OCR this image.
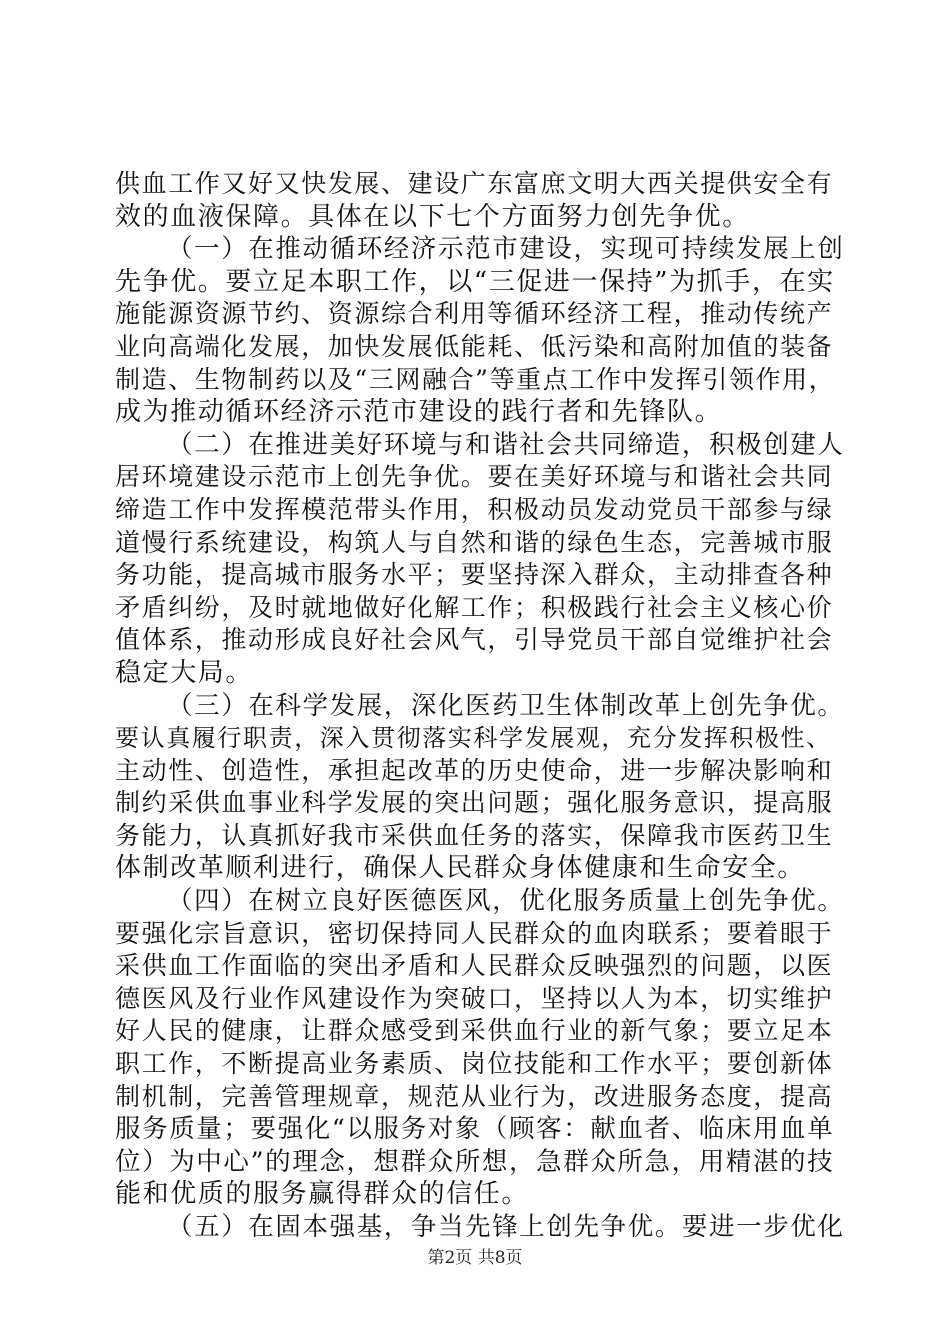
供血工作又好又快发展、建设广东富庶文明大西关提供安全有
效的血液保障。具体在以下七个方面努力创先争优。
（一）在推动循环经济示范市建设，实现可持续发展上创
先争优。要立足本职工作，以“三促进一保持”为抓手，在实
施能源资源节约、资源综合利用等循环经济工程，推动传统产
业向高端化发展，加快发展低能耗、低污染和高附加值的装备
制造、生物制药以及“三网融合”等重点工作中发挥引领作用，
成为推动循环经济示范市建设的践行者和先锋队。
（二）在推进美好环境与和谐社会共同缔造，积极创建人
居环境建设示范市上创先争优。要在美好环境与和谐社会共同
缔造工作中发挥模范带头作用，积极动员发动党员干部参与绿
道慢行系统建设，构筑人与自然和谐的绿色生态，完善城市服
务功能，提高城市服务水平；要坚持深入群众，主动排查各种
矛盾纠纷，及时就地做好化解工作；积极践行社会主义核心价
值体系，推动形成良好社会风气，引导党员干部自觉维护社会
稳定大局。
（三）在科学发展，深化医药卫生体制改革上创先争优。
要认真履行职责，深入贯彻落实科学发展观，充分发挥积极性、
主动性、创造性，承担起改革的历史使命，进一步解决影响和
制约采供血事业科学发展的突出问题；强化服务意识，提高服
务能力，认真抓好我市采供血任务的落实，保障我市医药卫生
体制改革顺利进行，确保人民群众身体健康和生命安全。
（四）在树立良好医德医风，优化服务质量上创先争优。
要强化宗旨意识，密切保持同人民群众的血肉联系；要着眼于
采供血工作面临的突出矛盾和人民群众反映强烈的问题，以医
德医风及行业作风建设作为突破口，坚持以人为本，切实维护
好人民的健康，让群众感受到采供血行业的新气象；要立足本
职工作，不断提高业务素质、岗位技能和工作水平；要创新体
制机制，完善管理规章，规范从业行为，改进服务态度，提高
服务质量；要强化“以服务对象（顾客：献血者、临床用血单
位）为中心”的理念，想群众所想，急群众所急，用精湛的技
能和优质的服务赢得群众的信任。
（五）在固本强基，争当先锋上创先争优。要进一步优化
第2页 共8页
